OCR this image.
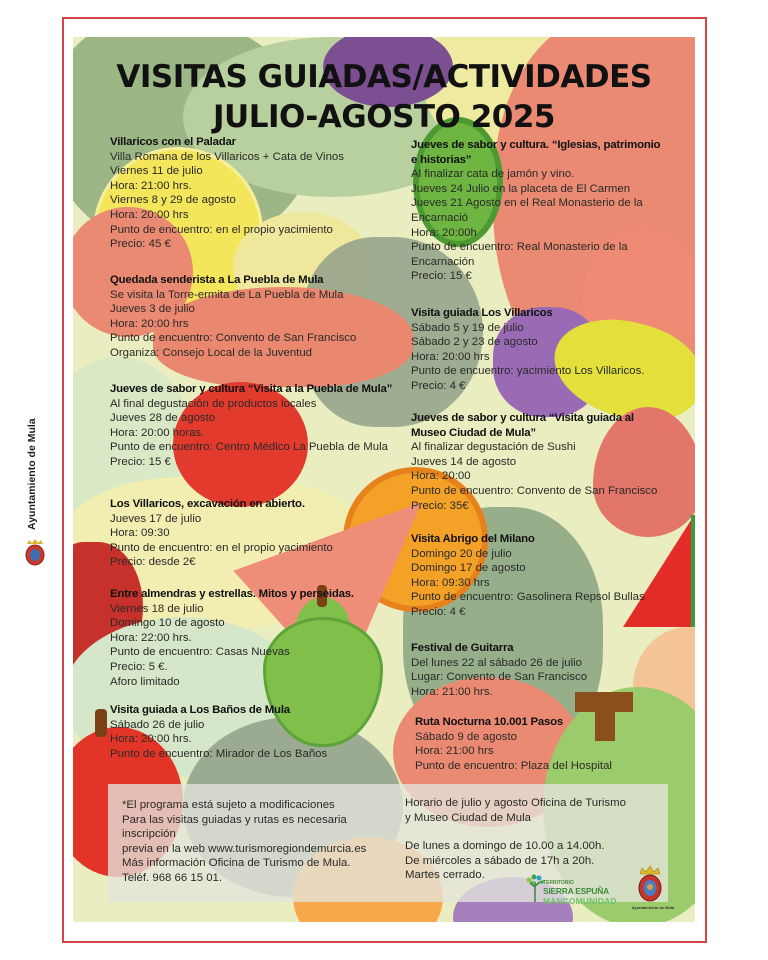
Ayuntamiento de Mula
VISITAS GUIADAS/ACTIVIDADES
JULIO-AGOSTO 2025
Villaricos con el Paladar
Villa Romana de los Villaricos + Cata de Vinos
Viernes 11 de julio
Hora: 21:00 hrs.
Viernes 8 y 29 de agosto
Hora: 20:00 hrs
Punto de encuentro: en el propio yacimiento
Precio: 45 €
Quedada senderista a La Puebla de Mula
Se visita la Torre-ermita de La Puebla de Mula
Jueves 3 de julio
Hora: 20:00 hrs
Punto de encuentro: Convento de San Francisco
Organiza: Consejo Local de la Juventud
Jueves de sabor y cultura “Visita a la Puebla de Mula”
Al final degustación de productos locales
Jueves 28 de agosto
Hora: 20:00 horas.
Punto de encuentro: Centro Médico La Puebla de Mula
Precio: 15 €
Los Villaricos, excavación en abierto.
Jueves 17 de julio
Hora: 09:30
Punto de encuentro: en el propio yacimiento
Precio: desde 2€
Entre almendras y estrellas. Mitos y perseidas.
Viernes 18 de julio
Domingo 10 de agosto
Hora: 22:00 hrs.
Punto de encuentro: Casas Nuevas
Precio: 5 €.
Aforo limitado
Visita guiada a Los Baños de Mula
Sábado 26 de julio
Hora: 20:00 hrs.
Punto de encuentro: Mirador de Los Baños
Jueves de sabor y cultura. “Iglesias, patrimonio e historias”
Al finalizar cata de jamón y vino.
Jueves 24 Julio en la placeta de El Carmen
Jueves 21 Agosto en el Real Monasterio de la Encarnació
Hora: 20:00h
Punto de encuentro: Real Monasterio de la Encarnación
Precio: 15 €
Visita guiada Los Villaricos
Sábado 5 y 19 de julio
Sábado 2 y 23 de agosto
Hora: 20:00 hrs
Punto de encuentro: yacimiento Los Villaricos.
Precio: 4 €
Jueves de sabor y cultura “Visita guiada al Museo Ciudad de Mula”
Al finalizar degustación de Sushi
Jueves 14 de agosto
Hora: 20:00
Punto de encuentro: Convento de San Francisco
Precio: 35€
Visita Abrigo del Milano
Domingo 20 de julio
Domingo 17 de agosto
Hora: 09:30 hrs
Punto de encuentro: Gasolinera Repsol Bullas
Precio: 4 €
Festival de Guitarra
Del lunes 22 al sábado 26 de julio
Lugar: Convento de San Francisco
Hora: 21:00 hrs.
Ruta Nocturna 10.001 Pasos
Sábado 9 de agosto
Hora: 21:00 hrs
Punto de encuentro: Plaza del Hospital
*El programa está sujeto a modificaciones
Para las visitas guiadas y rutas es necesaria
inscripción
previa en la web www.turismoregiondemurcia.es
Más información Oficina de Turismo de Mula.
Teléf. 968 66 15 01.
Horario de julio y agosto Oficina de Turismo
y Museo Ciudad de Mula
De lunes a domingo de 10.00 a 14.00h.
De miércoles a sábado de 17h a 20h.
Martes cerrado.
TERRITORIO
SIERRA ESPUÑA
MANCOMUNIDAD
Ayuntamiento de Mula
